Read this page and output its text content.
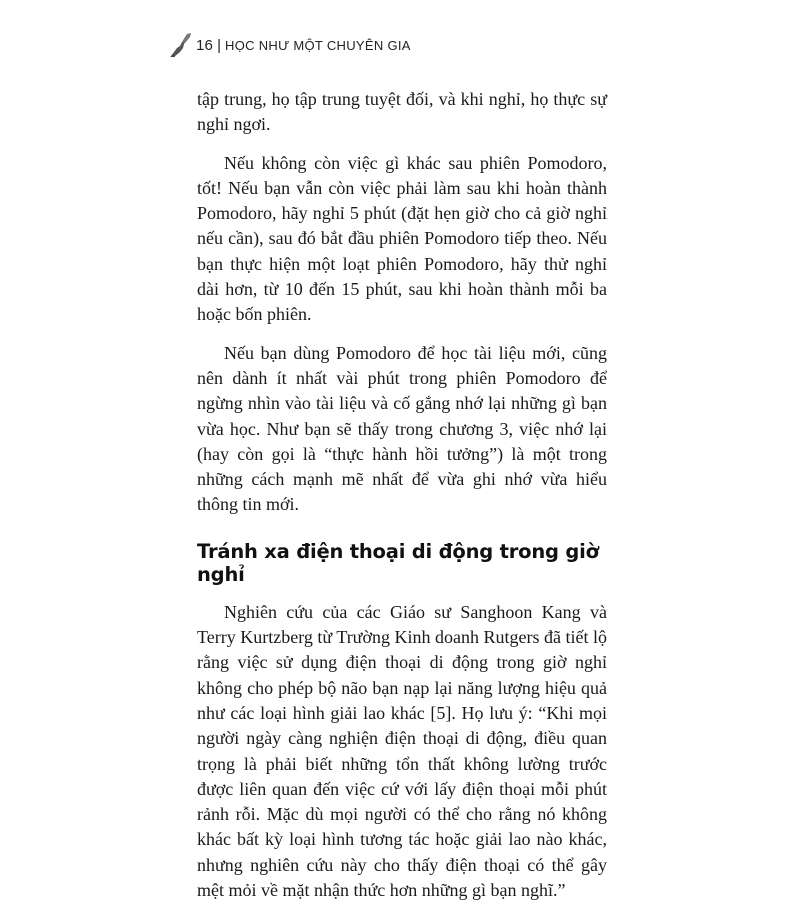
16 | HỌC NHƯ MỘT CHUYÊN GIA

tập trung, họ tập trung tuyệt đối, và khi nghỉ, họ thực sự nghỉ ngơi.

Nếu không còn việc gì khác sau phiên Pomodoro, tốt! Nếu bạn vẫn còn việc phải làm sau khi hoàn thành Pomodoro, hãy nghỉ 5 phút (đặt hẹn giờ cho cả giờ nghỉ nếu cần), sau đó bắt đầu phiên Pomodoro tiếp theo. Nếu bạn thực hiện một loạt phiên Pomodoro, hãy thử nghỉ dài hơn, từ 10 đến 15 phút, sau khi hoàn thành mỗi ba hoặc bốn phiên.

Nếu bạn dùng Pomodoro để học tài liệu mới, cũng nên dành ít nhất vài phút trong phiên Pomodoro để ngừng nhìn vào tài liệu và cố gắng nhớ lại những gì bạn vừa học. Như bạn sẽ thấy trong chương 3, việc nhớ lại (hay còn gọi là “thực hành hồi tưởng”) là một trong những cách mạnh mẽ nhất để vừa ghi nhớ vừa hiểu thông tin mới.

Tránh xa điện thoại di động trong giờ nghỉ

Nghiên cứu của các Giáo sư Sanghoon Kang và Terry Kurtzberg từ Trường Kinh doanh Rutgers đã tiết lộ rằng việc sử dụng điện thoại di động trong giờ nghỉ không cho phép bộ não bạn nạp lại năng lượng hiệu quả như các loại hình giải lao khác [5]. Họ lưu ý: “Khi mọi người ngày càng nghiện điện thoại di động, điều quan trọng là phải biết những tổn thất không lường trước được liên quan đến việc cứ với lấy điện thoại mỗi phút rảnh rỗi. Mặc dù mọi người có thể cho rằng nó không khác bất kỳ loại hình tương tác hoặc giải lao nào khác, nhưng nghiên cứu này cho thấy điện thoại có thể gây mệt mỏi về mặt nhận thức hơn những gì bạn nghĩ.”
